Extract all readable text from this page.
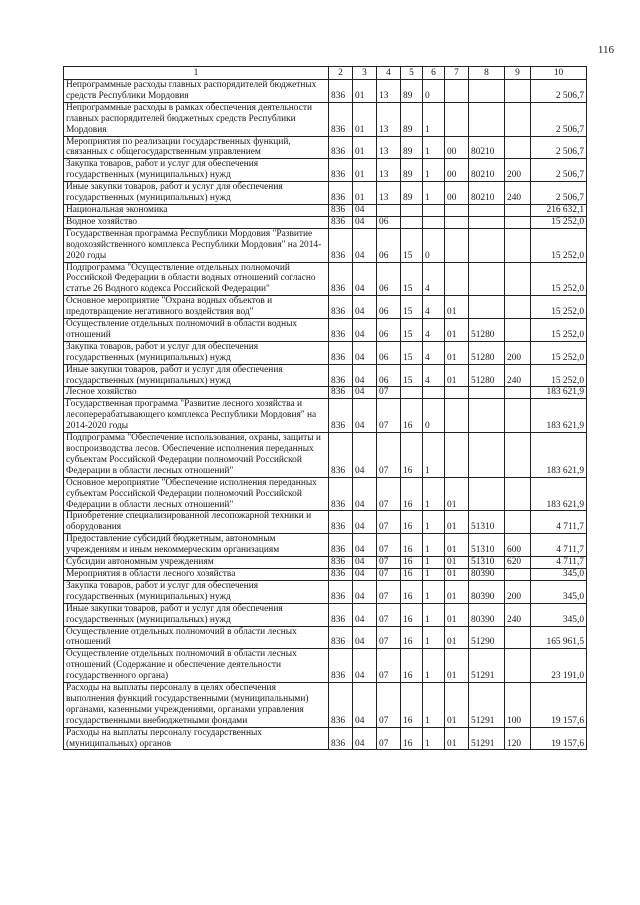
116
1	2	3	4	5	6	7	8	9	10
Непрограммные расходы главных распорядителей бюджетных средств Республики Мордовия	836	01	13	89	0				2 506,7
Непрограммные расходы в рамках обеспечения деятельности главных распорядителей бюджетных средств Республики Мордовия	836	01	13	89	1				2 506,7
Мероприятия по реализации государственных функций, связанных с общегосударственным управлением	836	01	13	89	1	00	80210		2 506,7
Закупка товаров, работ и услуг для обеспечения государственных (муниципальных) нужд	836	01	13	89	1	00	80210	200	2 506,7
Иные закупки товаров, работ и услуг для обеспечения государственных (муниципальных) нужд	836	01	13	89	1	00	80210	240	2 506,7
Национальная экономика	836	04							216 632,1
Водное хозяйство	836	04	06						15 252,0
Государственная программа Республики Мордовия "Развитие водохозяйственного комплекса Республики Мордовия" на 2014-2020 годы	836	04	06	15	0				15 252,0
Подпрограмма "Осуществление отдельных полномочий Российской Федерации в области водных отношений согласно статье 26 Водного кодекса Российской Федерации"	836	04	06	15	4				15 252,0
Основное мероприятие "Охрана водных объектов и предотвращение негативного воздействия вод"	836	04	06	15	4	01			15 252,0
Осуществление отдельных полномочий в области водных отношений	836	04	06	15	4	01	51280		15 252,0
Закупка товаров, работ и услуг для обеспечения государственных (муниципальных) нужд	836	04	06	15	4	01	51280	200	15 252,0
Иные закупки товаров, работ и услуг для обеспечения государственных (муниципальных) нужд	836	04	06	15	4	01	51280	240	15 252,0
Лесное хозяйство	836	04	07						183 621,9
Государственная программа "Развитие лесного хозяйства и лесоперерабатывающего комплекса Республики Мордовия" на 2014-2020 годы	836	04	07	16	0				183 621,9
Подпрограмма "Обеспечение использования, охраны, защиты и воспроизводства лесов. Обеспечение исполнения переданных субъектам Российской Федерации полномочий Российской Федерации в области лесных отношений"	836	04	07	16	1				183 621,9
Основное мероприятие "Обеспечение исполнения переданных субъектам Российской Федерации полномочий Российской Федерации в области лесных отношений"	836	04	07	16	1	01			183 621,9
Приобретение специализированной лесопожарной техники и оборудования	836	04	07	16	1	01	51310		4 711,7
Предоставление субсидий бюджетным, автономным учреждениям и иным некоммерческим организациям	836	04	07	16	1	01	51310	600	4 711,7
Субсидии автономным учреждениям	836	04	07	16	1	01	51310	620	4 711,7
Мероприятия в области лесного хозяйства	836	04	07	16	1	01	80390		345,0
Закупка товаров, работ и услуг для обеспечения государственных (муниципальных) нужд	836	04	07	16	1	01	80390	200	345,0
Иные закупки товаров, работ и услуг для обеспечения государственных (муниципальных) нужд	836	04	07	16	1	01	80390	240	345,0
Осуществление отдельных полномочий в области лесных отношений	836	04	07	16	1	01	51290		165 961,5
Осуществление отдельных полномочий в области лесных отношений (Содержание и обеспечение деятельности государственного органа)	836	04	07	16	1	01	51291		23 191,0
Расходы на выплаты персоналу в целях обеспечения выполнения функций государственными (муниципальными) органами, казенными учреждениями, органами управления государственными внебюджетными фондами	836	04	07	16	1	01	51291	100	19 157,6
Расходы на выплаты персоналу государственных (муниципальных) органов	836	04	07	16	1	01	51291	120	19 157,6
